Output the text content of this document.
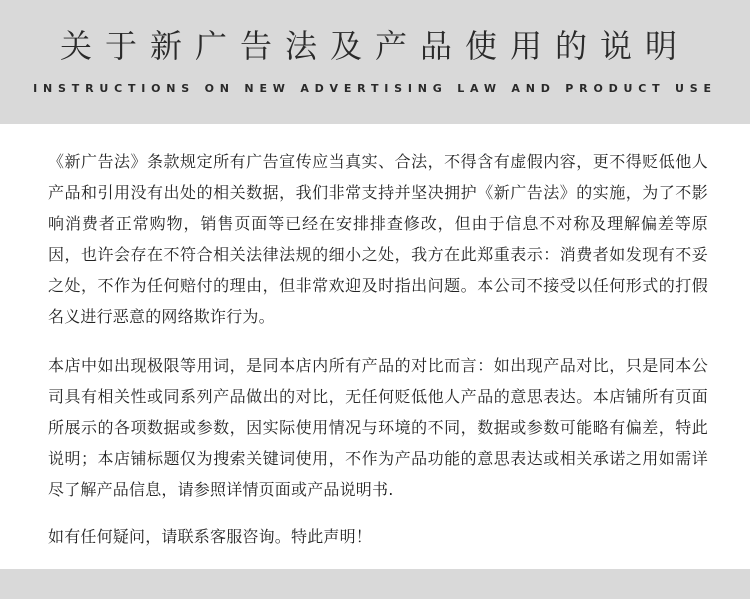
关于新广告法及产品使用的说明
INSTRUCTIONS ON NEW ADVERTISING LAW AND PRODUCT USE

《新广告法》条款规定所有广告宣传应当真实、合法，不得含有虚假内容，更不得贬低他人产品和引用没有出处的相关数据，我们非常支持并坚决拥护《新广告法》的实施，为了不影响消费者正常购物，销售页面等已经在安排排查修改，但由于信息不对称及理解偏差等原因，也许会存在不符合相关法律法规的细小之处，我方在此郑重表示：消费者如发现有不妥之处，不作为任何赔付的理由，但非常欢迎及时指出问题。本公司不接受以任何形式的打假名义进行恶意的网络欺诈行为。

本店中如出现极限等用词，是同本店内所有产品的对比而言：如出现产品对比，只是同本公司具有相关性或同系列产品做出的对比，无任何贬低他人产品的意思表达。本店铺所有页面所展示的各项数据或参数，因实际使用情况与环境的不同，数据或参数可能略有偏差，特此说明；本店铺标题仅为搜索关键词使用，不作为产品功能的意思表达或相关承诺之用如需详尽了解产品信息，请参照详情页面或产品说明书.

如有任何疑问，请联系客服咨询。特此声明！
